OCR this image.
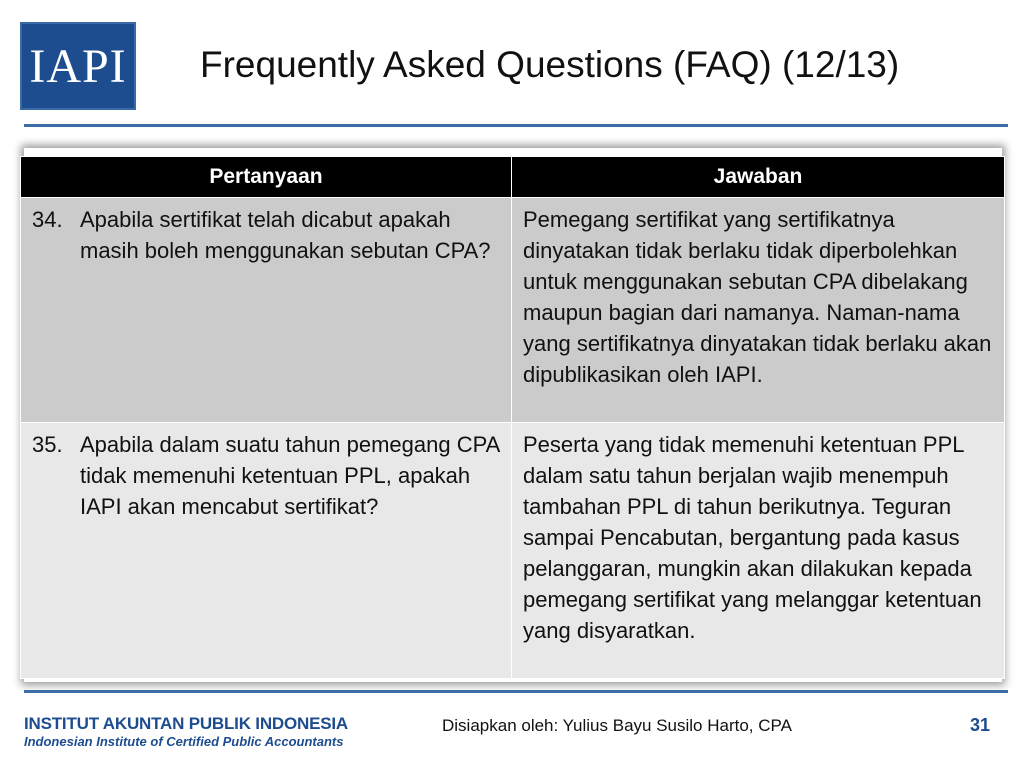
IAPI Frequently Asked Questions (FAQ) (12/13)
Pertanyaan	Jawaban

34. Apabila sertifikat telah dicabut apakah masih boleh menggunakan sebutan CPA?	Pemegang sertifikat yang sertifikatnya dinyatakan tidak berlaku tidak diperbolehkan untuk menggunakan sebutan CPA dibelakang maupun bagian dari namanya. Naman-nama yang sertifikatnya dinyatakan tidak berlaku akan dipublikasikan oleh IAPI.

35. Apabila dalam suatu tahun pemegang CPA tidak memenuhi ketentuan PPL, apakah IAPI akan mencabut sertifikat?	Peserta yang tidak memenuhi ketentuan PPL dalam satu tahun berjalan wajib menempuh tambahan PPL di tahun berikutnya. Teguran sampai Pencabutan, bergantung pada kasus pelanggaran, mungkin akan dilakukan kepada pemegang sertifikat yang melanggar ketentuan yang disyaratkan.

INSTITUT AKUNTAN PUBLIK INDONESIA

Indonesian Institute of Certified Public Accountants

Disiapkan oleh: Yulius Bayu Susilo Harto, CPA	31
